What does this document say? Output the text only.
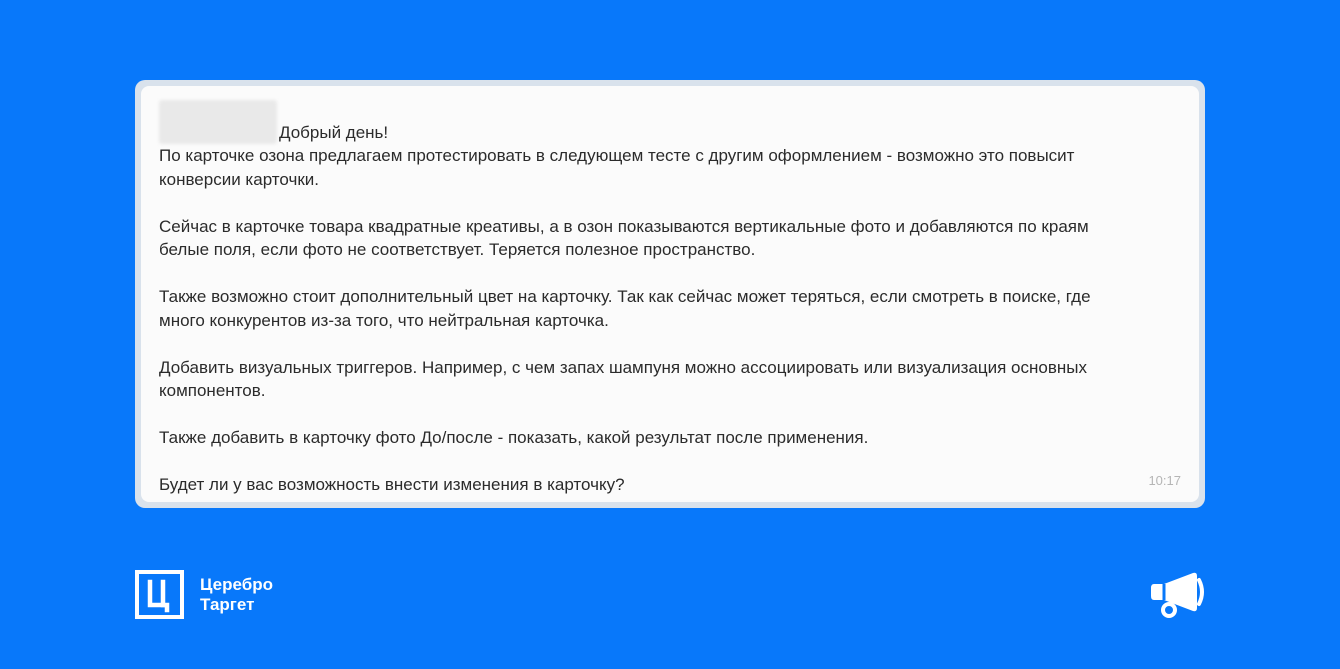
Добрый день!

По карточке озона предлагаем протестировать в следующем тесте с другим оформлением - возможно это повысит

конверсии карточки.

Сейчас в карточке товара квадратные креативы, а в озон показываются вертикальные фото и добавляются по краям

белые поля, если фото не соответствует. Теряется полезное пространство.

Также возможно стоит дополнительный цвет на карточку. Так как сейчас может теряться, если смотреть в поиске, где

много конкурентов из-за того, что нейтральная карточка.

Добавить визуальных триггеров. Например, с чем запах шампуня можно ассоциировать или визуализация основных

компонентов.

Также добавить в карточку фото До/после - показать, какой результат после применения.

Будет ли у вас возможность внести изменения в карточку?	10:17
Церебро
Таргет
